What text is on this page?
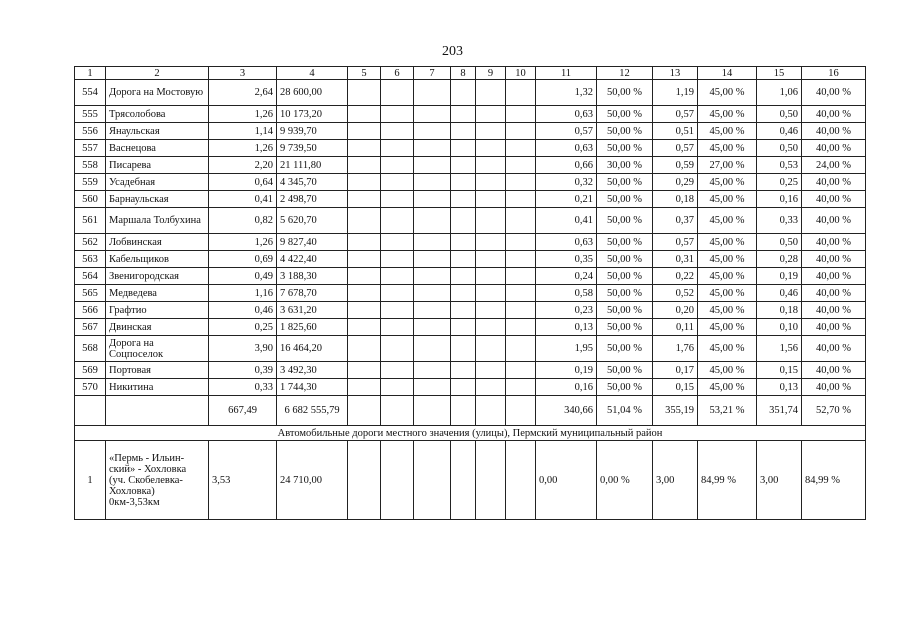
203
1	2	3	4	5	6	7	8	9	10	11	12	13	14	15	16
554	Дорога на Мостовую	2,64	28 600,00							1,32	50,00 %	1,19	45,00 %	1,06	40,00 %
555	Трясолобова	1,26	10 173,20							0,63	50,00 %	0,57	45,00 %	0,50	40,00 %
556	Янаульская	1,14	9 939,70							0,57	50,00 %	0,51	45,00 %	0,46	40,00 %
557	Васнецова	1,26	9 739,50							0,63	50,00 %	0,57	45,00 %	0,50	40,00 %
558	Писарева	2,20	21 111,80							0,66	30,00 %	0,59	27,00 %	0,53	24,00 %
559	Усадебная	0,64	4 345,70							0,32	50,00 %	0,29	45,00 %	0,25	40,00 %
560	Барнаульская	0,41	2 498,70							0,21	50,00 %	0,18	45,00 %	0,16	40,00 %
561	Маршала Толбухина	0,82	5 620,70							0,41	50,00 %	0,37	45,00 %	0,33	40,00 %
562	Лобвинская	1,26	9 827,40							0,63	50,00 %	0,57	45,00 %	0,50	40,00 %
563	Кабельщиков	0,69	4 422,40							0,35	50,00 %	0,31	45,00 %	0,28	40,00 %
564	Звенигородская	0,49	3 188,30							0,24	50,00 %	0,22	45,00 %	0,19	40,00 %
565	Медведева	1,16	7 678,70							0,58	50,00 %	0,52	45,00 %	0,46	40,00 %
566	Графтио	0,46	3 631,20							0,23	50,00 %	0,20	45,00 %	0,18	40,00 %
567	Двинская	0,25	1 825,60							0,13	50,00 %	0,11	45,00 %	0,10	40,00 %
568	Дорога на Соцпоселок	3,90	16 464,20							1,95	50,00 %	1,76	45,00 %	1,56	40,00 %
569	Портовая	0,39	3 492,30							0,19	50,00 %	0,17	45,00 %	0,15	40,00 %
570	Никитина	0,33	1 744,30							0,16	50,00 %	0,15	45,00 %	0,13	40,00 %
		667,49	6 682 555,79							340,66	51,04 %	355,19	53,21 %	351,74	52,70 %
Автомобильные дороги местного значения (улицы), Пермский муниципальный район															
1	«Пермь - Ильин-ский» - Хохловка (уч. Скобелевка-Хохловка) 0км-3,53км	3,53	24 710,00							0,00	0,00 %	3,00	84,99 %	3,00	84,99 %
